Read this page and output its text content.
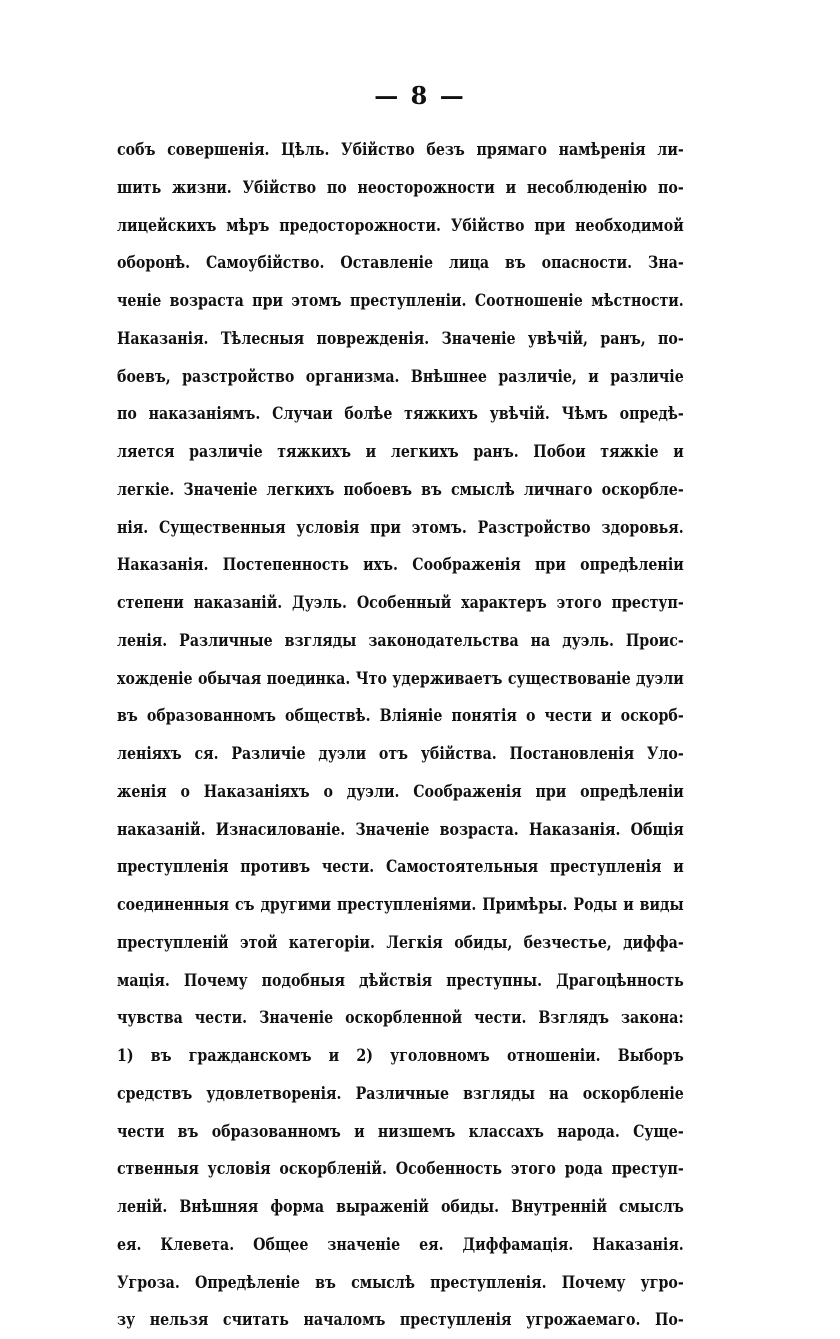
— 8 —
собъ совершенія. Цѣль. Убійство безъ прямаго намѣренія ли-
шить жизни. Убійство по неосторожности и несоблюденію по-
лицейскихъ мѣръ предосторожности. Убійство при необходимой
оборонѣ. Самоубійство. Оставленіе лица въ опасности. Зна-
ченіе возраста при этомъ преступленіи. Соотношеніе мѣстности.
Наказанія. Тѣлесныя поврежденія. Значеніе увѣчій, ранъ, по-
боевъ, разстройство организма. Внѣшнее различіе, и различіе
по наказаніямъ. Случаи болѣе тяжкихъ увѣчій. Чѣмъ опредѣ-
ляется различіе тяжкихъ и легкихъ ранъ. Побои тяжкіе и
легкіе. Значеніе легкихъ побоевъ въ смыслѣ личнаго оскорбле-
нія. Существенныя условія при этомъ. Разстройство здоровья.
Наказанія. Постепенность ихъ. Соображенія при опредѣленіи
степени наказаній. Дуэль. Особенный характеръ этого преступ-
ленія. Различные взгляды законодательства на дуэль. Проис-
хожденіе обычая поединка. Что удерживаетъ существованіе дуэли
въ образованномъ обществѣ. Вліяніе понятія о чести и оскорб-
леніяхъ ся. Различіе дуэли отъ убійства. Постановленія Уло-
женія о Наказаніяхъ о дуэли. Соображенія при опредѣленіи
наказаній. Изнасилованіе. Значеніе возраста. Наказанія. Общія
преступленія противъ чести. Самостоятельныя преступленія и
соединенныя съ другими преступленіями. Примѣры. Роды и виды
преступленій этой категоріи. Легкія обиды, безчестье, диффа-
мація. Почему подобныя дѣйствія преступны. Драгоцѣнность
чувства чести. Значеніе оскорбленной чести. Взглядъ закона:
1) въ гражданскомъ и 2) уголовномъ отношеніи. Выборъ
средствъ удовлетворенія. Различные взгляды на оскорбленіе
чести въ образованномъ и низшемъ классахъ народа. Суще-
ственныя условія оскорбленій. Особенность этого рода преступ-
леній. Внѣшняя форма выраженій обиды. Внутренній смыслъ
ея. Клевета. Общее значеніе ея. Диффамація. Наказанія.
Угроза. Опредѣленіе въ смыслѣ преступленія. Почему угро-
зу нельзя считать началомъ преступленія угрожаемаго. По-
